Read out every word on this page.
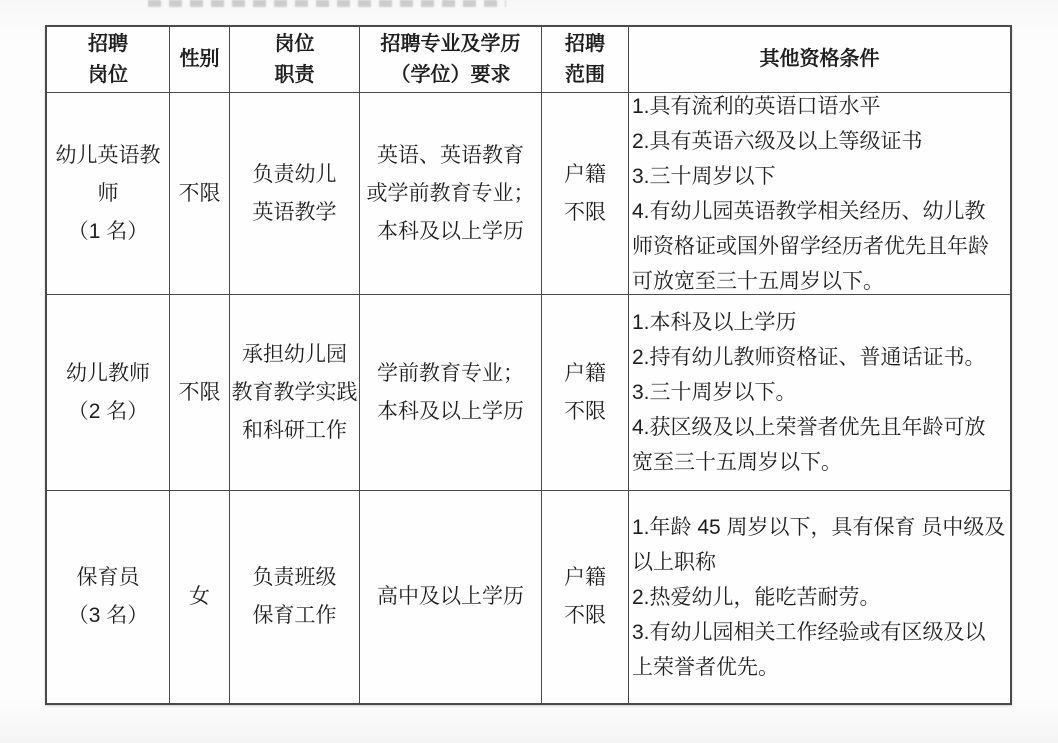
招聘
岗位
性别
岗位
职责
招聘专业及学历
（学位）要求
招聘
范围
其他资格条件
幼儿英语教
师
（1 名）
不限
负责幼儿
英语教学
英语、英语教育
或学前教育专业；
本科及以上学历
户籍
不限
1.具有流利的英语口语水平
2.具有英语六级及以上等级证书
3.三十周岁以下
4.有幼儿园英语教学相关经历、幼儿教师资格证或国外留学经历者优先且年龄可放宽至三十五周岁以下。
幼儿教师
（2 名）
不限
承担幼儿园
教育教学实践
和科研工作
学前教育专业；
本科及以上学历
户籍
不限
1.本科及以上学历
2.持有幼儿教师资格证、普通话证书。
3.三十周岁以下。
4.获区级及以上荣誉者优先且年龄可放宽至三十五周岁以下。
保育员
（3 名）
女
负责班级
保育工作
高中及以上学历
户籍
不限
1.年龄 45 周岁以下，具有保育 员中级及以上职称
2.热爱幼儿，能吃苦耐劳。
3.有幼儿园相关工作经验或有区级及以上荣誉者优先。
